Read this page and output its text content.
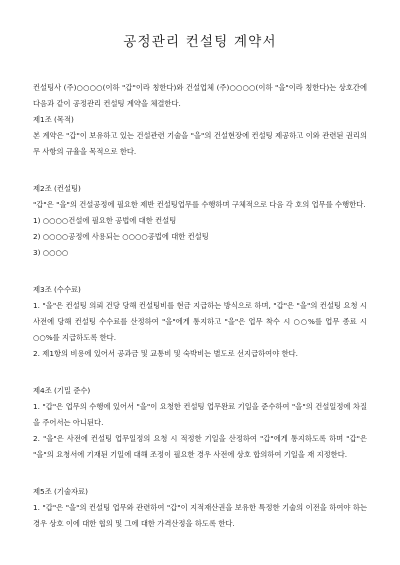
공정관리 컨설팅 계약서

컨설팅사 (주)○○○○(이하 "갑"이라 칭한다)와 건설업체 (주)○○○○(이하 "을"이라 칭한다)는 상호간에 다음과 같이 공정관리 컨설팅 계약을 체결한다.

제1조 (목적)

본 계약은 "갑"이 보유하고 있는 건설관련 기술을 "을"의 건설현장에 컨설팅 제공하고 이와 관련된 권리의무 사항의 규율을 목적으로 한다.

제2조 (컨설팅)

"갑"은 "을"의 건설공정에 필요한 제반 컨설팅업무를 수행하며 구체적으로 다음 각 호의 업무를 수행한다.

1) ○○○○건설에 필요한 공법에 대한 컨설팅

2) ○○○○공정에 사용되는 ○○○○공법에 대한 컨설팅

3) ○○○○

제3조 (수수료)

1. "을"은 컨설팅 의뢰 건당 당해 컨설팅비를 현금 지급하는 방식으로 하며, "갑"은 "을"의 컨설팅 요청 시 사전에 당해 컨설팅 수수료를 산정하여 "을"에게 통지하고 "을"은 업무 착수 시 ○○%를 업무 종료 시 ○○%를 지급하도록 한다.

2. 제1항의 비용에 있어서 공과금 및 교통비 및 숙박비는 별도로 선지급하여야 한다.

제4조 (기밀 준수)

1. "갑"은 업무의 수행에 있어서 "을"이 요청한 컨설팅 업무완료 기일을 준수하여 "을"의 건설일정에 차질을 주어서는 아니된다.

2. "을"은 사전에 컨설팅 업무일정의 요청 시 적정한 기일을 산정하여 "갑"에게 통지하도록 하며 "갑"은 "을"의 요청서에 기재된 기일에 대해 조정이 필요한 경우 사전에 상호 합의하여 기일을 재 지정한다.

제5조 (기술자료)

1. "갑"은 "을"의 컨설팅 업무와 관련하여 "갑"이 지적재산권을 보유한 특정한 기술의 이전을 하여야 하는 경우 상호 이에 대한 협의 및 그에 대한 가격산정을 하도록 한다.
